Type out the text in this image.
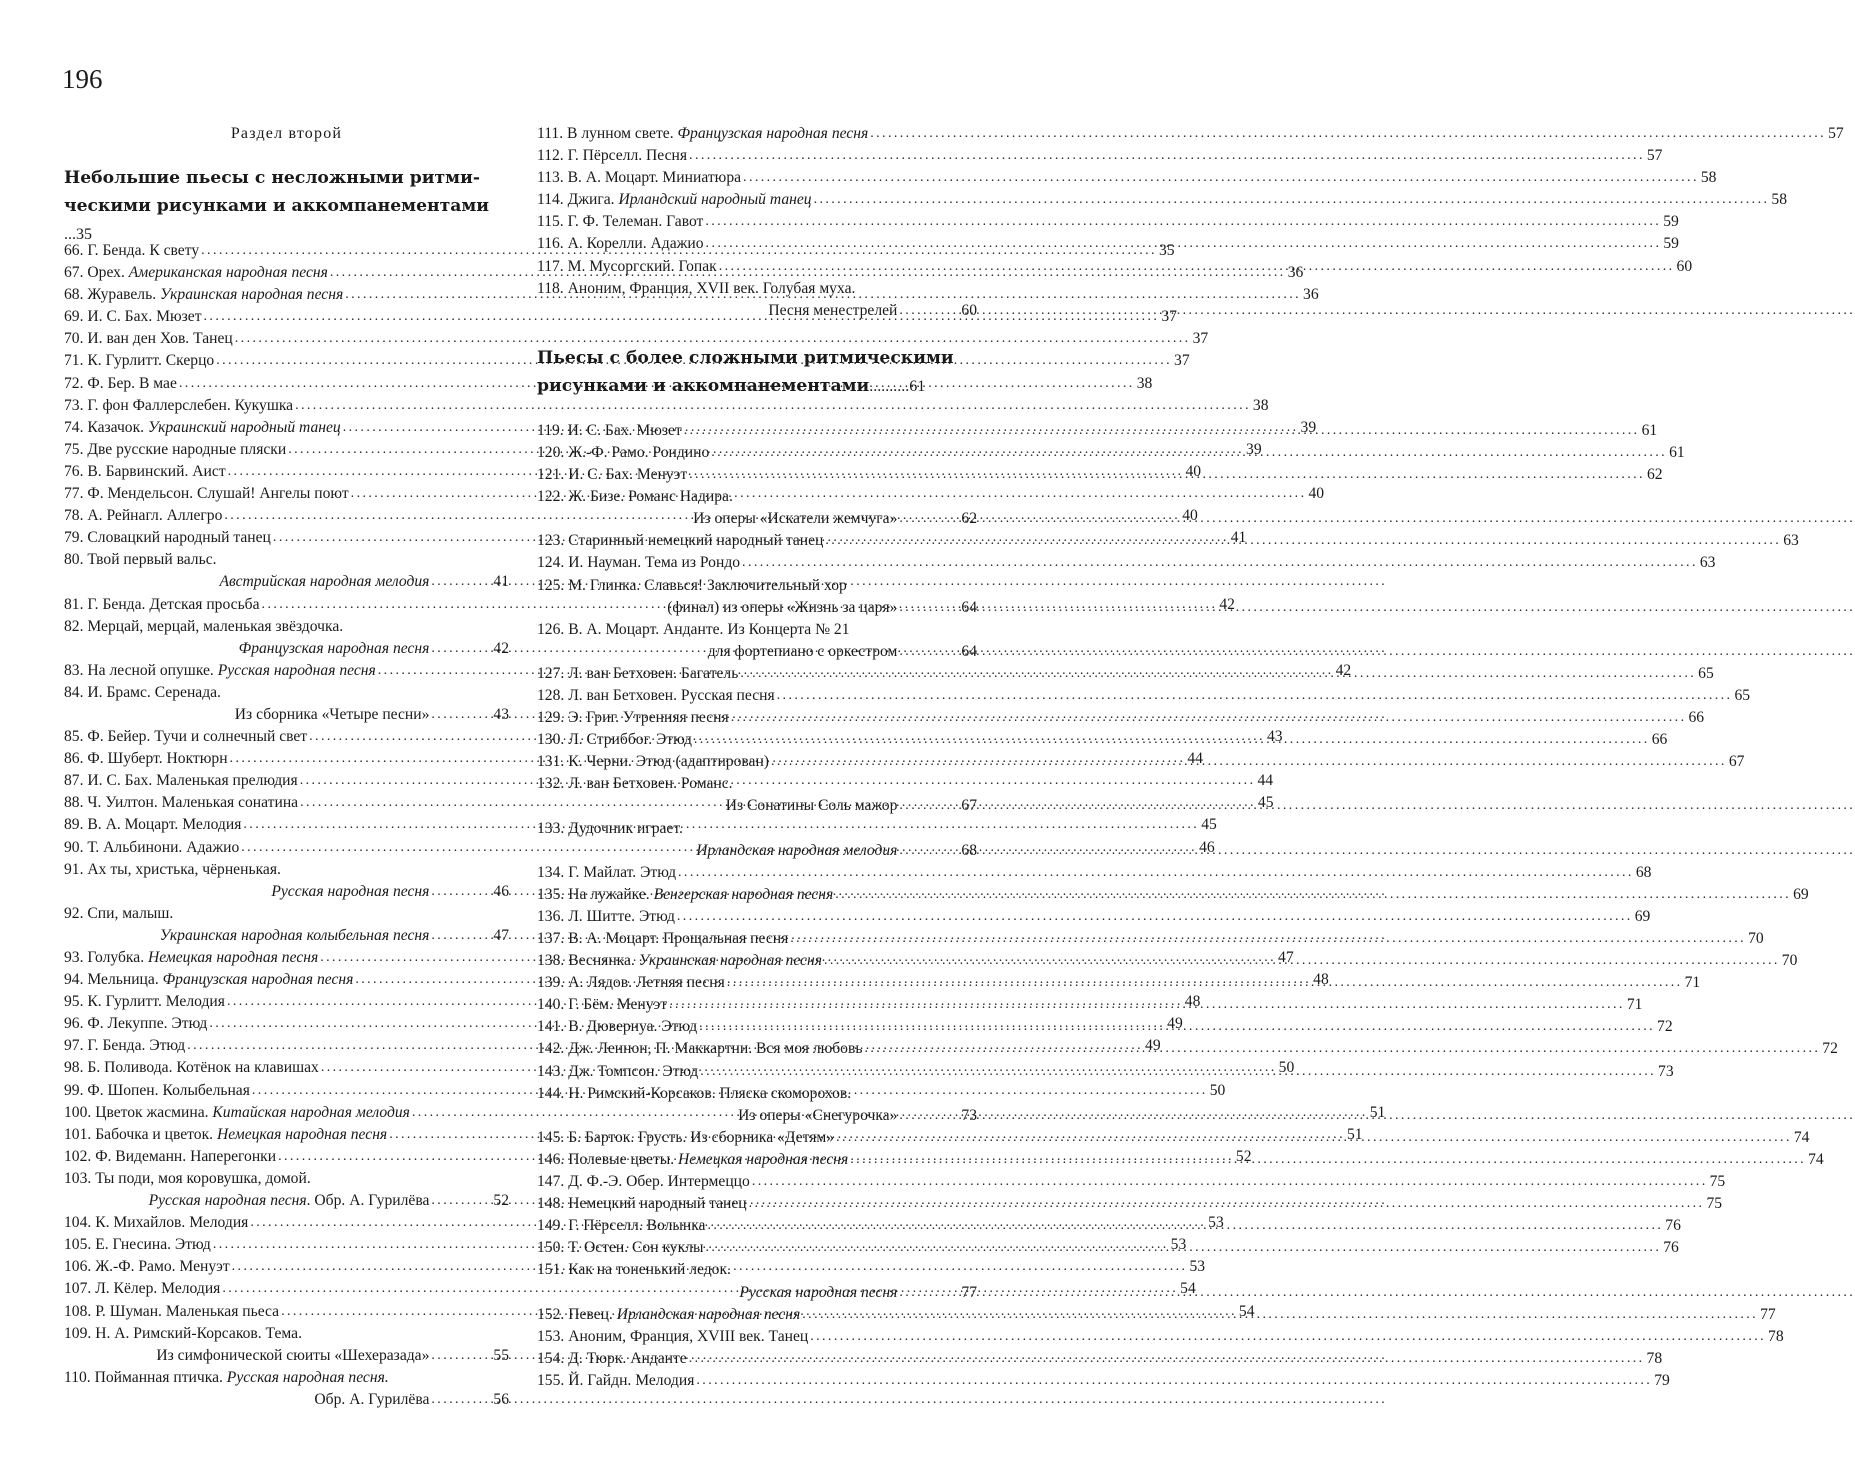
196
Раздел второй
Небольшие пьесы с несложными ритми-
ческими рисунками и аккомпанементами ...35
66. Г. Бенда. К свету .....	35
67. Орех. Американская народная песня .....	36
68. Журавель. Украинская народная песня .....	36
69. И. С. Бах. Мюзет .....	37
70. И. ван ден Хов. Танец .....	37
71. К. Гурлитт. Скерцо .....	37
72. Ф. Бер. В мае .....	38
73. Г. фон Фаллерслебен. Кукушка .....	38
74. Казачок. Украинский народный танец .....	39
75. Две русские народные пляски .....	39
76. В. Барвинский. Аист .....	40
77. Ф. Мендельсон. Слушай! Ангелы поют .....	40
78. А. Рейнагл. Аллегро .....	40
79. Словацкий народный танец .....	41
80. Твой первый вальс.
Австрийская народная мелодия .....	41
81. Г. Бенда. Детская просьба .....	42
82. Мерцай, мерцай, маленькая звёздочка.
Французская народная песня .....	42
83. На лесной опушке. Русская народная песня .....	42
84. И. Брамс. Серенада.
Из сборника «Четыре песни» .....	43
85. Ф. Бейер. Тучи и солнечный свет .....	43
86. Ф. Шуберт. Ноктюрн .....	44
87. И. С. Бах. Маленькая прелюдия .....	44
88. Ч. Уилтон. Маленькая сонатина .....	45
89. В. А. Моцарт. Мелодия .....	45
90. Т. Альбинони. Адажио .....	46
91. Ах ты, христька, чёрненькая.
Русская народная песня .....	46
92. Спи, малыш.
Украинская народная колыбельная песня .....	47
93. Голубка. Немецкая народная песня .....	47
94. Мельница. Французская народная песня .....	48
95. К. Гурлитт. Мелодия .....	48
96. Ф. Лекуппе. Этюд .....	49
97. Г. Бенда. Этюд .....	49
98. Б. Поливода. Котёнок на клавишах .....	50
99. Ф. Шопен. Колыбельная .....	50
100. Цветок жасмина. Китайская народная мелодия .....	51
101. Бабочка и цветок. Немецкая народная песня .....	51
102. Ф. Видеманн. Наперегонки .....	52
103. Ты поди, моя коровушка, домой.
Русская народная песня. Обр. А. Гурилёва .....	52
104. К. Михайлов. Мелодия .....	53
105. Е. Гнесина. Этюд .....	53
106. Ж.-Ф. Рамо. Менуэт .....	53
107. Л. Кёлер. Мелодия .....	54
108. Р. Шуман. Маленькая пьеса .....	54
109. Н. А. Римский-Корсаков. Тема.
Из симфонической сюиты «Шехеразада» .....	55
110. Пойманная птичка. Русская народная песня.
Обр. А. Гурилёва .....	56
111. В лунном свете. Французская народная песня .....	57
112. Г. Пёрселл. Песня .....	57
113. В. А. Моцарт. Миниатюра .....	58
114. Джига. Ирландский народный танец .....	58
115. Г. Ф. Телеман. Гавот .....	59
116. А. Корелли. Адажио .....	59
117. М. Мусоргский. Гопак .....	60
118. Аноним, Франция, XVII век. Голубая муха.
Песня менестрелей .....	60
Пьесы с более сложными ритмическими
рисунками и аккомпанементами..........61
119. И. С. Бах. Мюзет .....	61
120. Ж.-Ф. Рамо. Рондино .....	61
121. И. С. Бах. Менуэт .....	62
122. Ж. Бизе. Романс Надира.
Из оперы «Искатели жемчуга» .....	62
123. Старинный немецкий народный танец .....	63
124. И. Науман. Тема из Рондо .....	63
125. М. Глинка. Славься! Заключительный хор
(финал) из оперы «Жизнь за царя» .....	64
126. В. А. Моцарт. Анданте. Из Концерта № 21
для фортепиано с оркестром .....	64
127. Л. ван Бетховен. Багатель .....	65
128. Л. ван Бетховен. Русская песня .....	65
129. Э. Григ. Утренняя песня .....	66
130. Л. Стриббог. Этюд .....	66
131. К. Черни. Этюд (адаптирован) .....	67
132. Л. ван Бетховен. Романс.
Из Сонатины Соль мажор .....	67
133. Дудочник играет.
Ирландская народная мелодия .....	68
134. Г. Майлат. Этюд .....	68
135. На лужайке. Венгерская народная песня .....	69
136. Л. Шитте. Этюд .....	69
137. В. А. Моцарт. Прощальная песня .....	70
138. Веснянка. Украинская народная песня .....	70
139. А. Лядов. Летняя песня .....	71
140. Г. Бём. Менуэт .....	71
141. В. Дювернуа. Этюд .....	72
142. Дж. Леннон, П. Маккартни. Вся моя любовь .....	72
143. Дж. Томпсон. Этюд .....	73
144. Н. Римский-Корсаков. Пляска скоморохов.
Из оперы «Снегурочка» .....	73
145. Б. Барток. Грусть. Из сборника «Детям» .....	74
146. Полевые цветы. Немецкая народная песня .....	74
147. Д. Ф.-Э. Обер. Интермеццо .....	75
148. Немецкий народный танец .....	75
149. Г. Пёрселл. Волынка .....	76
150. Т. Остен. Сон куклы .....	76
151. Как на тоненький ледок.
Русская народная песня .....	77
152. Певец. Ирландская народная песня .....	77
153. Аноним, Франция, XVIII век. Танец .....	78
154. Д. Тюрк. Анданте .....	78
155. Й. Гайдн. Мелодия .....	79
